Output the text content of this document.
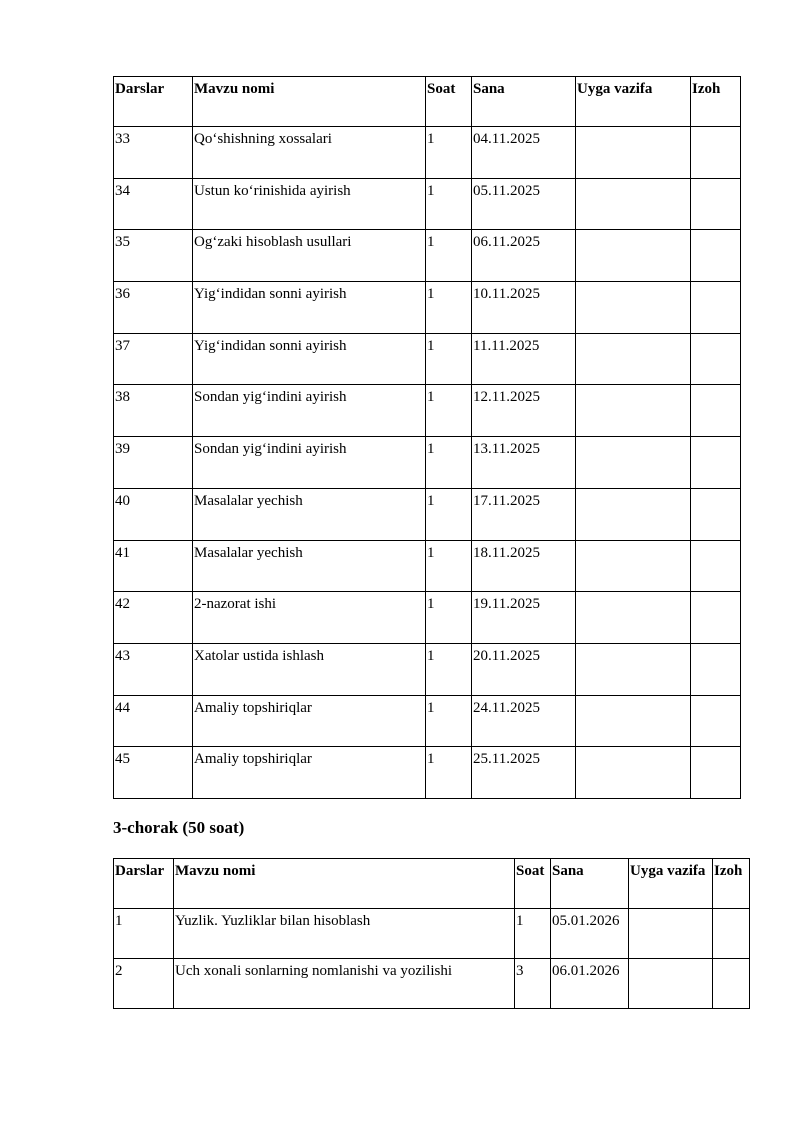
Darslar	Mavzu nomi	Soat	Sana	Uyga vazifa	Izoh
33	Qo‘shishning xossalari	1	04.11.2025		
34	Ustun ko‘rinishida ayirish	1	05.11.2025		
35	Og‘zaki hisoblash usullari	1	06.11.2025		
36	Yig‘indidan sonni ayirish	1	10.11.2025		
37	Yig‘indidan sonni ayirish	1	11.11.2025		
38	Sondan yig‘indini ayirish	1	12.11.2025		
39	Sondan yig‘indini ayirish	1	13.11.2025		
40	Masalalar yechish	1	17.11.2025		
41	Masalalar yechish	1	18.11.2025		
42	2-nazorat ishi	1	19.11.2025		
43	Xatolar ustida ishlash	1	20.11.2025		
44	Amaliy topshiriqlar	1	24.11.2025		
45	Amaliy topshiriqlar	1	25.11.2025		
3-chorak (50 soat)
Darslar	Mavzu nomi	Soat	Sana	Uyga vazifa	Izoh
1	Yuzlik. Yuzliklar bilan hisoblash	1	05.01.2026		
2	Uch xonali sonlarning nomlanishi va yozilishi	3	06.01.2026		
